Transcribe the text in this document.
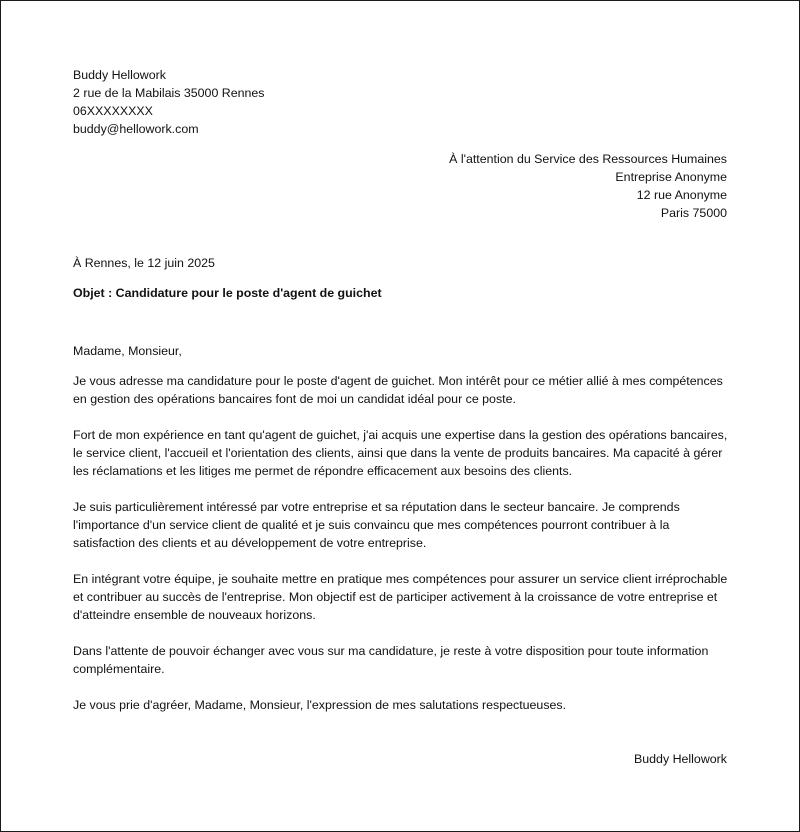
Buddy Hellowork
2 rue de la Mabilais 35000 Rennes
06XXXXXXXX
buddy@hellowork.com
À l'attention du Service des Ressources Humaines
Entreprise Anonyme
12 rue Anonyme
Paris 75000
À Rennes, le 12 juin 2025
Objet : Candidature pour le poste d'agent de guichet
Madame, Monsieur,

Je vous adresse ma candidature pour le poste d'agent de guichet. Mon intérêt pour ce métier allié à mes compétences en gestion des opérations bancaires font de moi un candidat idéal pour ce poste.

Fort de mon expérience en tant qu'agent de guichet, j'ai acquis une expertise dans la gestion des opérations bancaires, le service client, l'accueil et l'orientation des clients, ainsi que dans la vente de produits bancaires. Ma capacité à gérer les réclamations et les litiges me permet de répondre efficacement aux besoins des clients.

Je suis particulièrement intéressé par votre entreprise et sa réputation dans le secteur bancaire. Je comprends l'importance d'un service client de qualité et je suis convaincu que mes compétences pourront contribuer à la satisfaction des clients et au développement de votre entreprise.

En intégrant votre équipe, je souhaite mettre en pratique mes compétences pour assurer un service client irréprochable et contribuer au succès de l'entreprise. Mon objectif est de participer activement à la croissance de votre entreprise et d'atteindre ensemble de nouveaux horizons.

Dans l'attente de pouvoir échanger avec vous sur ma candidature, je reste à votre disposition pour toute information complémentaire.

Je vous prie d'agréer, Madame, Monsieur, l'expression de mes salutations respectueuses.

Buddy Hellowork
